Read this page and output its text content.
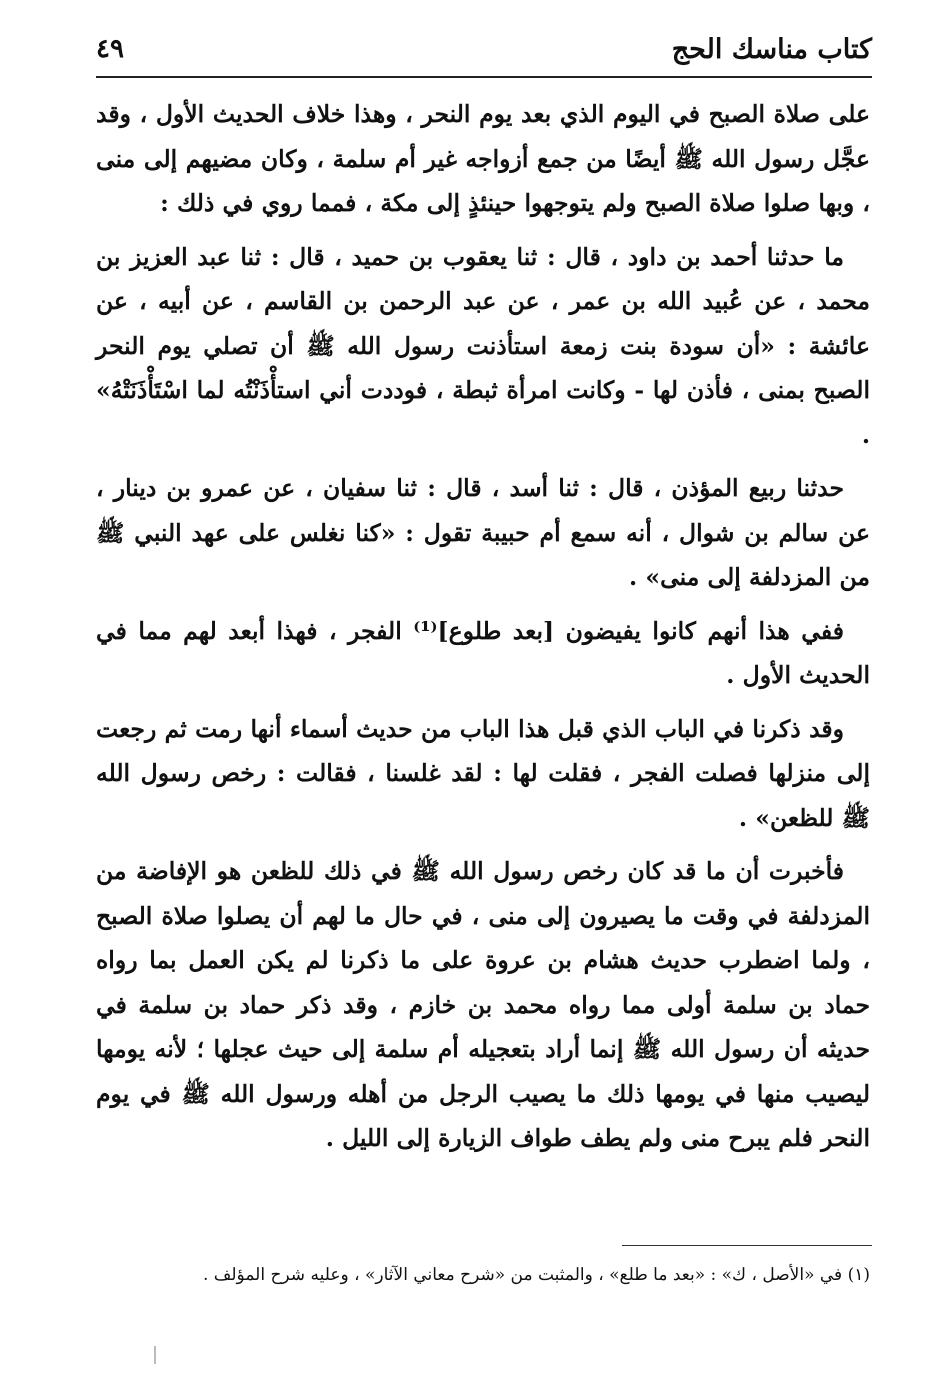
كتاب مناسك الحج
٤٩

على صلاة الصبح في اليوم الذي بعد يوم النحر ، وهذا خلاف الحديث الأول ، وقد عجَّل رسول الله ﷺ أيضًا من جمع أزواجه غير أم سلمة ، وكان مضيهم إلى منى ، وبها صلوا صلاة الصبح ولم يتوجهوا حينئذٍ إلى مكة ، فمما روي في ذلك :

ما حدثنا أحمد بن داود ، قال : ثنا يعقوب بن حميد ، قال : ثنا عبد العزيز بن محمد ، عن عُبيد الله بن عمر ، عن عبد الرحمن بن القاسم ، عن أبيه ، عن عائشة : «أن سودة بنت زمعة استأذنت رسول الله ﷺ أن تصلي يوم النحر الصبح بمنى ، فأذن لها - وكانت امرأة ثبطة ، فوددت أني استأْذَنْتُه لما اسْتَأْذَنَتْهُ» .

حدثنا ربيع المؤذن ، قال : ثنا أسد ، قال : ثنا سفيان ، عن عمرو بن دينار ، عن سالم بن شوال ، أنه سمع أم حبيبة تقول : «كنا نغلس على عهد النبي ﷺ من المزدلفة إلى منى» .

ففي هذا أنهم كانوا يفيضون [بعد طلوع]⁽¹⁾ الفجر ، فهذا أبعد لهم مما في الحديث الأول .

وقد ذكرنا في الباب الذي قبل هذا الباب من حديث أسماء أنها رمت ثم رجعت إلى منزلها فصلت الفجر ، فقلت لها : لقد غلسنا ، فقالت : رخص رسول الله ﷺ للظعن» .

فأخبرت أن ما قد كان رخص رسول الله ﷺ في ذلك للظعن هو الإفاضة من المزدلفة في وقت ما يصيرون إلى منى ، في حال ما لهم أن يصلوا صلاة الصبح ، ولما اضطرب حديث هشام بن عروة على ما ذكرنا لم يكن العمل بما رواه حماد بن سلمة أولى مما رواه محمد بن خازم ، وقد ذكر حماد بن سلمة في حديثه أن رسول الله ﷺ إنما أراد بتعجيله أم سلمة إلى حيث عجلها ؛ لأنه يومها ليصيب منها في يومها ذلك ما يصيب الرجل من أهله ورسول الله ﷺ في يوم النحر فلم يبرح منى ولم يطف طواف الزيارة إلى الليل .

(١) في «الأصل ، ك» : «بعد ما طلع» ، والمثبت من «شرح معاني الآثار» ، وعليه شرح المؤلف .
